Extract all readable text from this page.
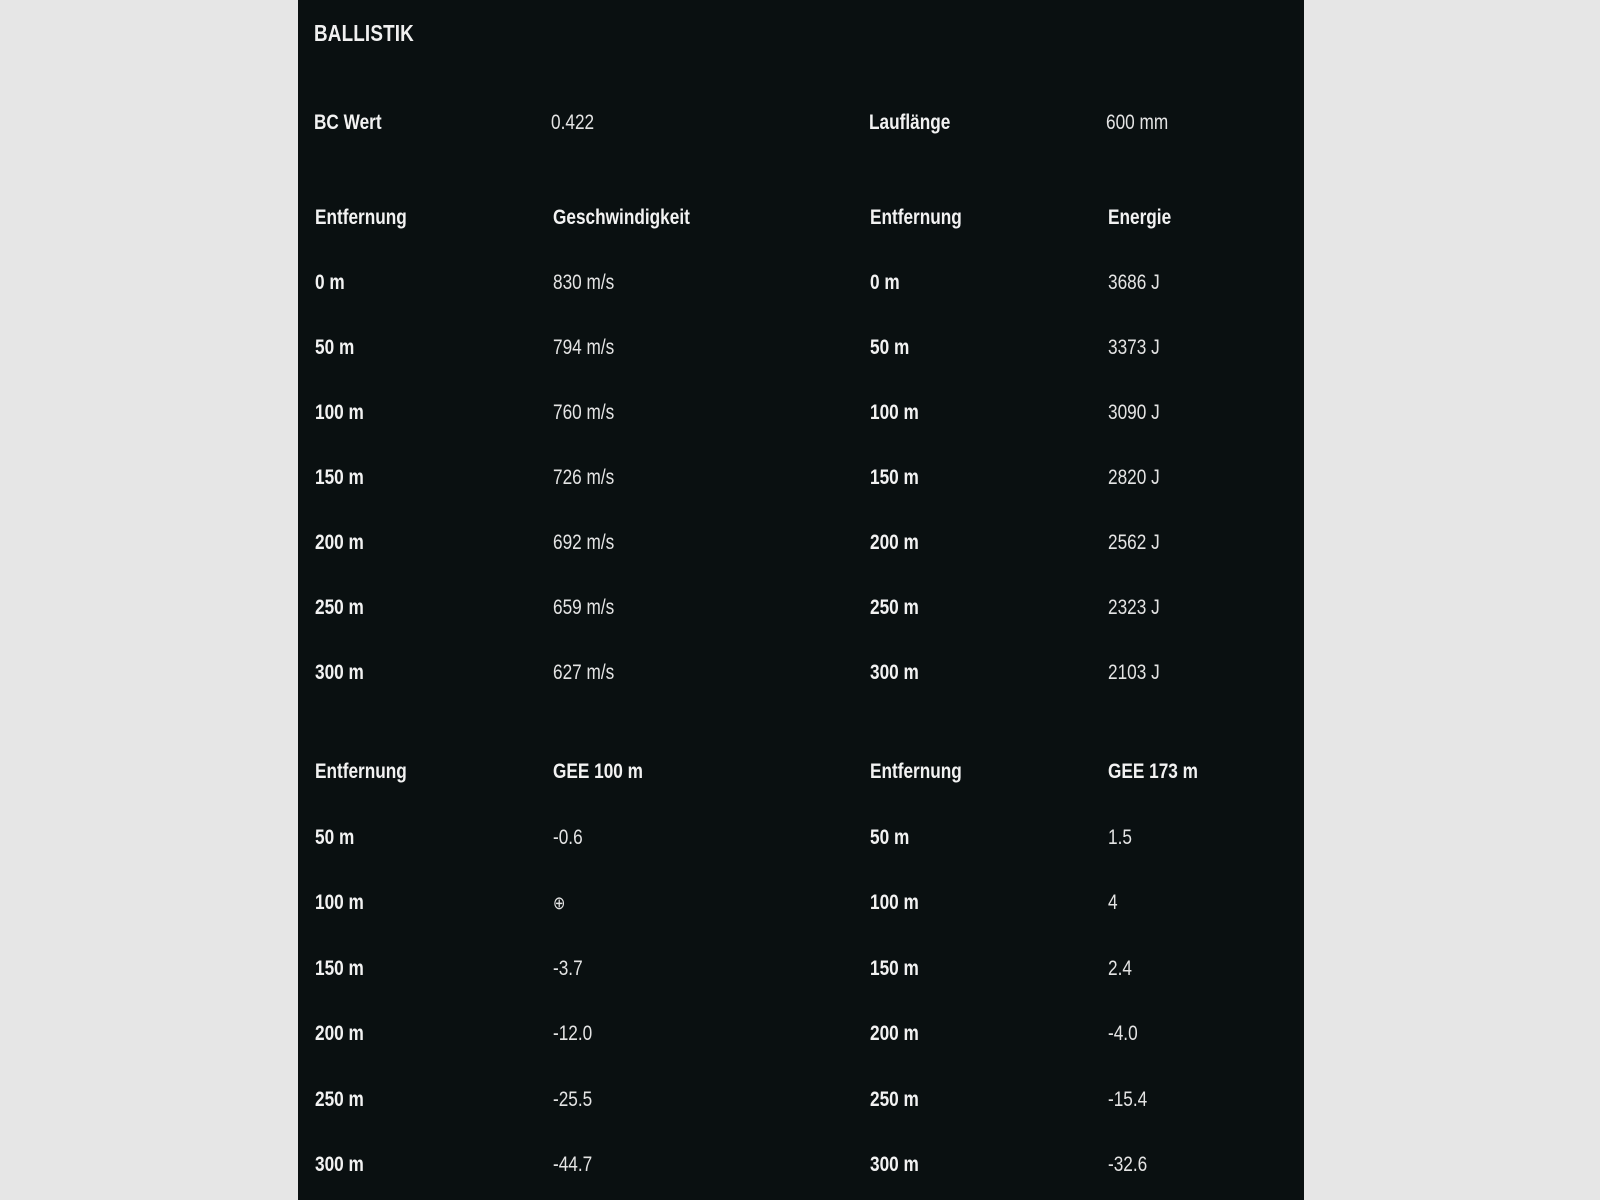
BALLISTIK
BC Wert	0.422	Lauflänge	600 mm
Entfernung	Geschwindigkeit	Entfernung	Energie
0 m	830 m/s	0 m	3686 J
50 m	794 m/s	50 m	3373 J
100 m	760 m/s	100 m	3090 J
150 m	726 m/s	150 m	2820 J
200 m	692 m/s	200 m	2562 J
250 m	659 m/s	250 m	2323 J
300 m	627 m/s	300 m	2103 J
Entfernung	GEE 100 m	Entfernung	GEE 173 m
50 m	-0.6	50 m	1.5
100 m	⊕	100 m	4
150 m	-3.7	150 m	2.4
200 m	-12.0	200 m	-4.0
250 m	-25.5	250 m	-15.4
300 m	-44.7	300 m	-32.6
